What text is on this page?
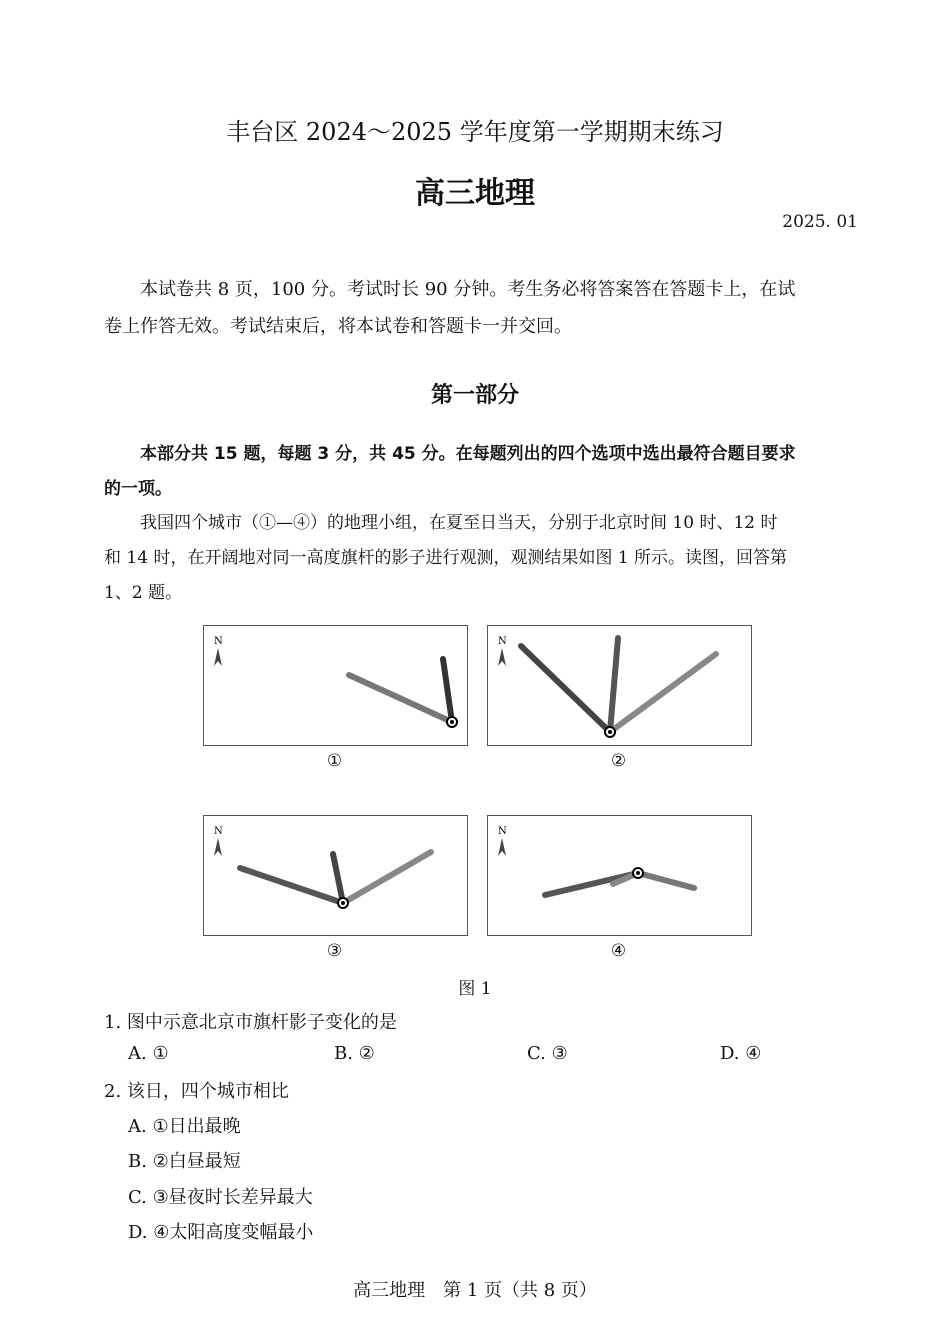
丰台区 2024～2025 学年度第一学期期末练习
高三地理
2025. 01
本试卷共 8 页，100 分。考试时长 90 分钟。考生务必将答案答在答题卡上，在试
卷上作答无效。考试结束后，将本试卷和答题卡一并交回。
第一部分
本部分共 15 题，每题 3 分，共 45 分。在每题列出的四个选项中选出最符合题目要求
的一项。
我国四个城市（①—④）的地理小组，在夏至日当天，分别于北京时间 10 时、12 时
和 14 时，在开阔地对同一高度旗杆的影子进行观测，观测结果如图 1 所示。读图，回答第
1、2 题。
N
①
N
②
N
③
N
④
图 1
1. 图中示意北京市旗杆影子变化的是
A. ①	B. ②	C. ③	D. ④
2. 该日，四个城市相比
A. ①日出最晚
B. ②白昼最短
C. ③昼夜时长差异最大
D. ④太阳高度变幅最小
高三地理　第 1 页（共 8 页）
